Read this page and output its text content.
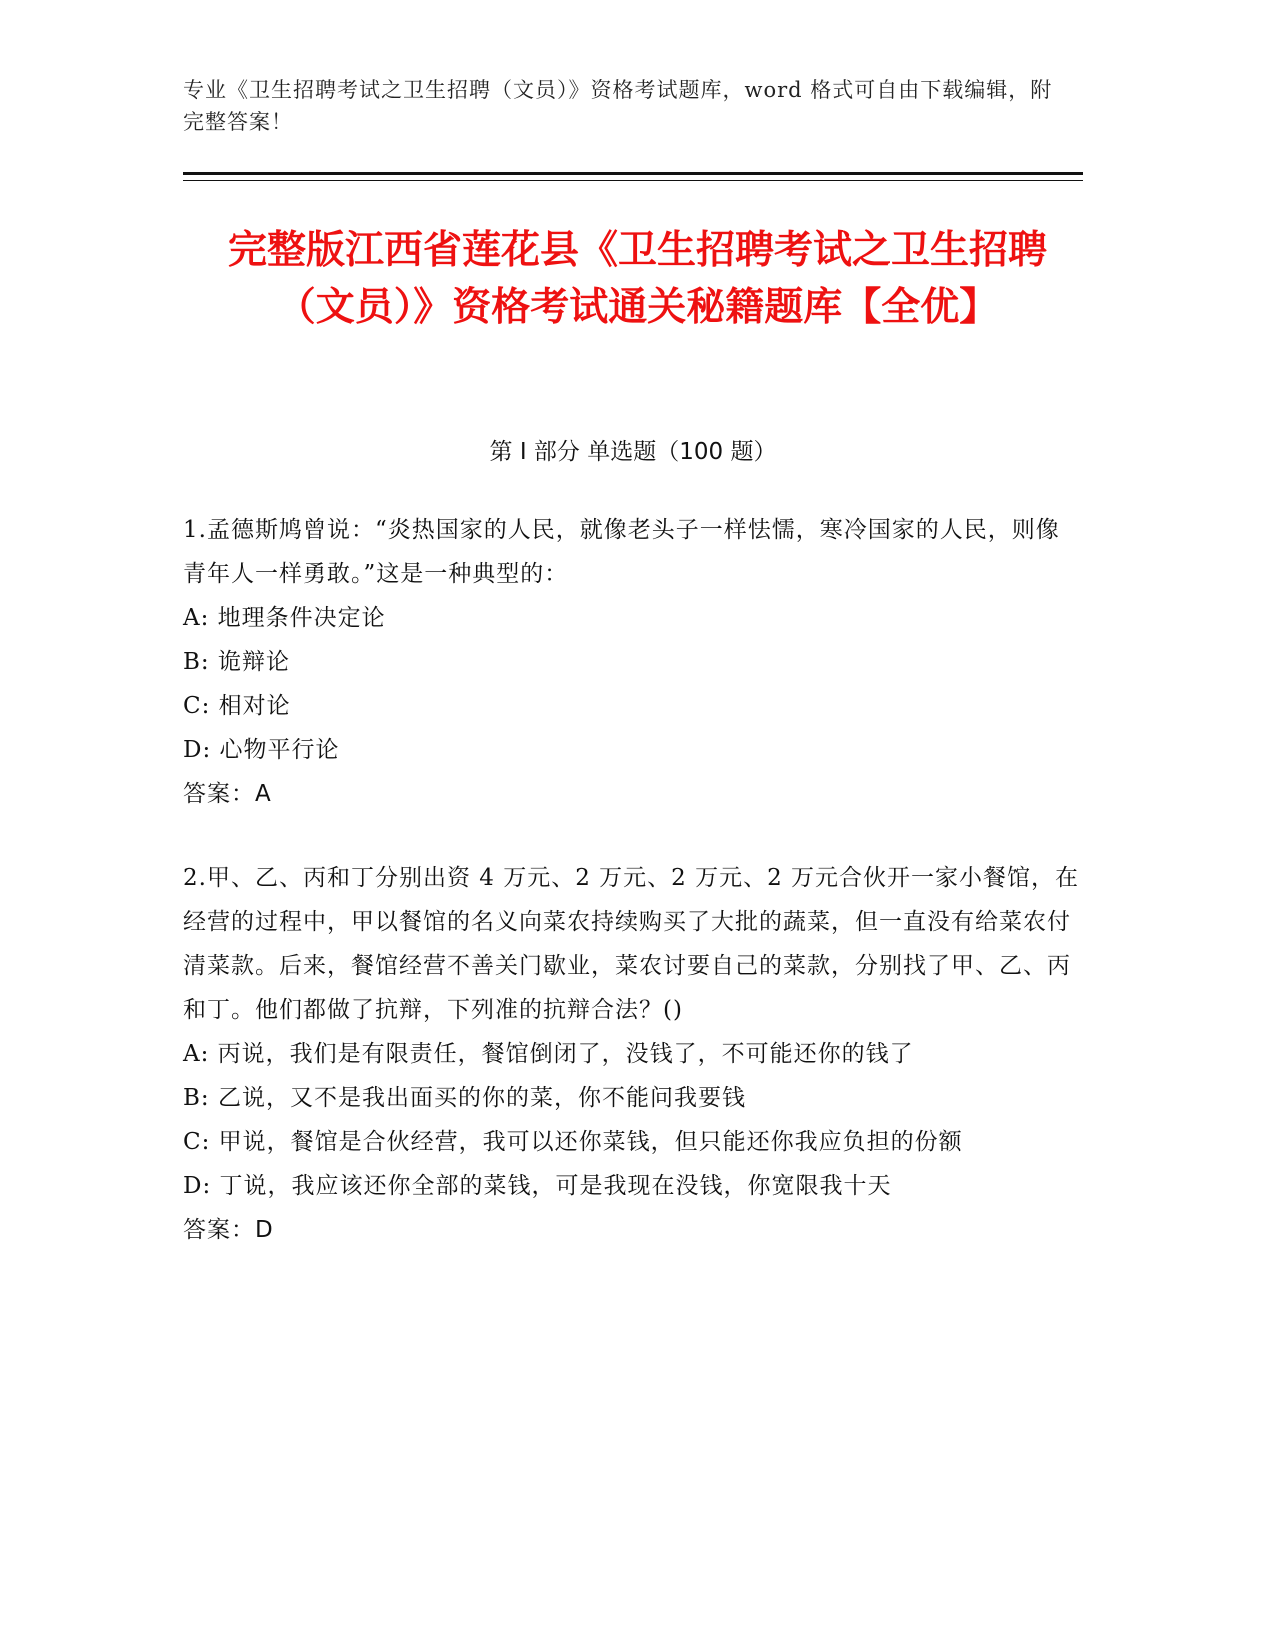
专业《卫生招聘考试之卫生招聘（文员）》资格考试题库，word 格式可自由下载编辑，附完整答案！
完整版江西省莲花县《卫生招聘考试之卫生招聘（文员）》资格考试通关秘籍题库【全优】
第 I 部分 单选题（100 题）

1.孟德斯鸠曾说：“炎热国家的人民，就像老头子一样怯懦，寒冷国家的人民，则像青年人一样勇敢。”这是一种典型的：

A: 地理条件决定论

B: 诡辩论

C: 相对论

D: 心物平行论

答案：A

2.甲、乙、丙和丁分别出资 4 万元、2 万元、2 万元、2 万元合伙开一家小餐馆，在经营的过程中，甲以餐馆的名义向菜农持续购买了大批的蔬菜，但一直没有给菜农付清菜款。后来，餐馆经营不善关门歇业，菜农讨要自己的菜款，分别找了甲、乙、丙和丁。他们都做了抗辩，下列准的抗辩合法？()

A: 丙说，我们是有限责任，餐馆倒闭了，没钱了，不可能还你的钱了

B: 乙说，又不是我出面买的你的菜，你不能问我要钱

C: 甲说，餐馆是合伙经营，我可以还你菜钱，但只能还你我应负担的份额

D: 丁说，我应该还你全部的菜钱，可是我现在没钱，你宽限我十天

答案：D
